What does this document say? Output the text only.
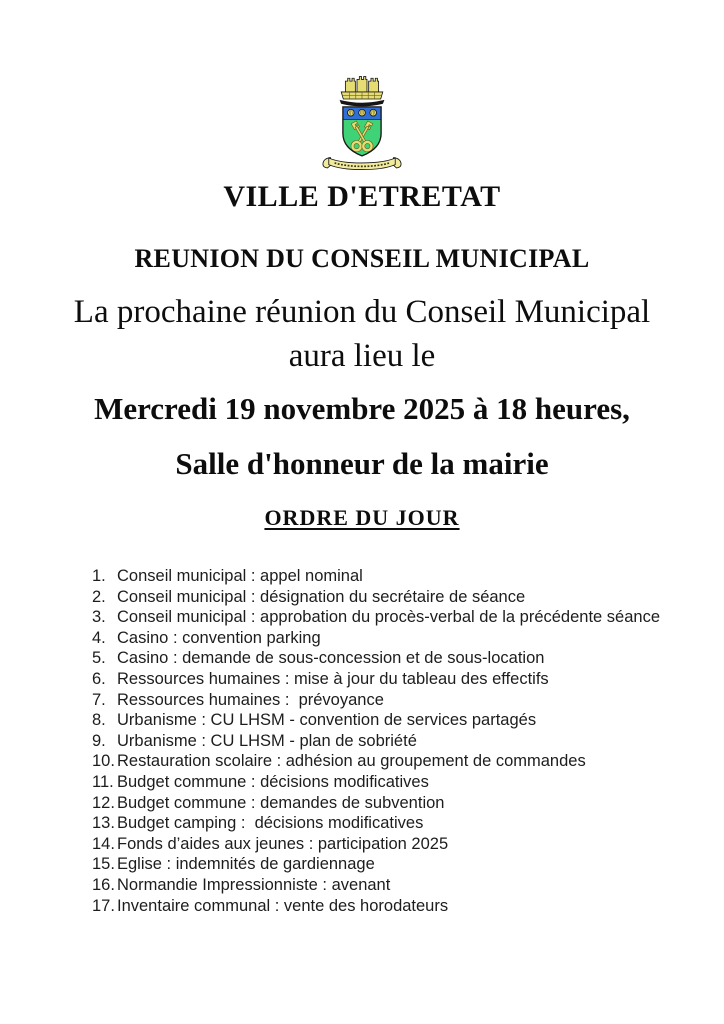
VILLE D'ETRETAT
REUNION DU CONSEIL MUNICIPAL

La prochaine réunion du Conseil Municipal
aura lieu le

Mercredi 19 novembre 2025 à 18 heures,

Salle d'honneur de la mairie

ORDRE DU JOUR
1. Conseil municipal : appel nominal
2. Conseil municipal : désignation du secrétaire de séance
3. Conseil municipal : approbation du procès-verbal de la précédente séance
4. Casino : convention parking
5. Casino : demande de sous-concession et de sous-location
6. Ressources humaines : mise à jour du tableau des effectifs
7. Ressources humaines :  prévoyance
8. Urbanisme : CU LHSM - convention de services partagés
9. Urbanisme : CU LHSM - plan de sobriété
10. Restauration scolaire : adhésion au groupement de commandes
11. Budget commune : décisions modificatives
12. Budget commune : demandes de subvention
13. Budget camping :  décisions modificatives
14. Fonds d’aides aux jeunes : participation 2025
15. Eglise : indemnités de gardiennage
16. Normandie Impressionniste : avenant
17. Inventaire communal : vente des horodateurs
